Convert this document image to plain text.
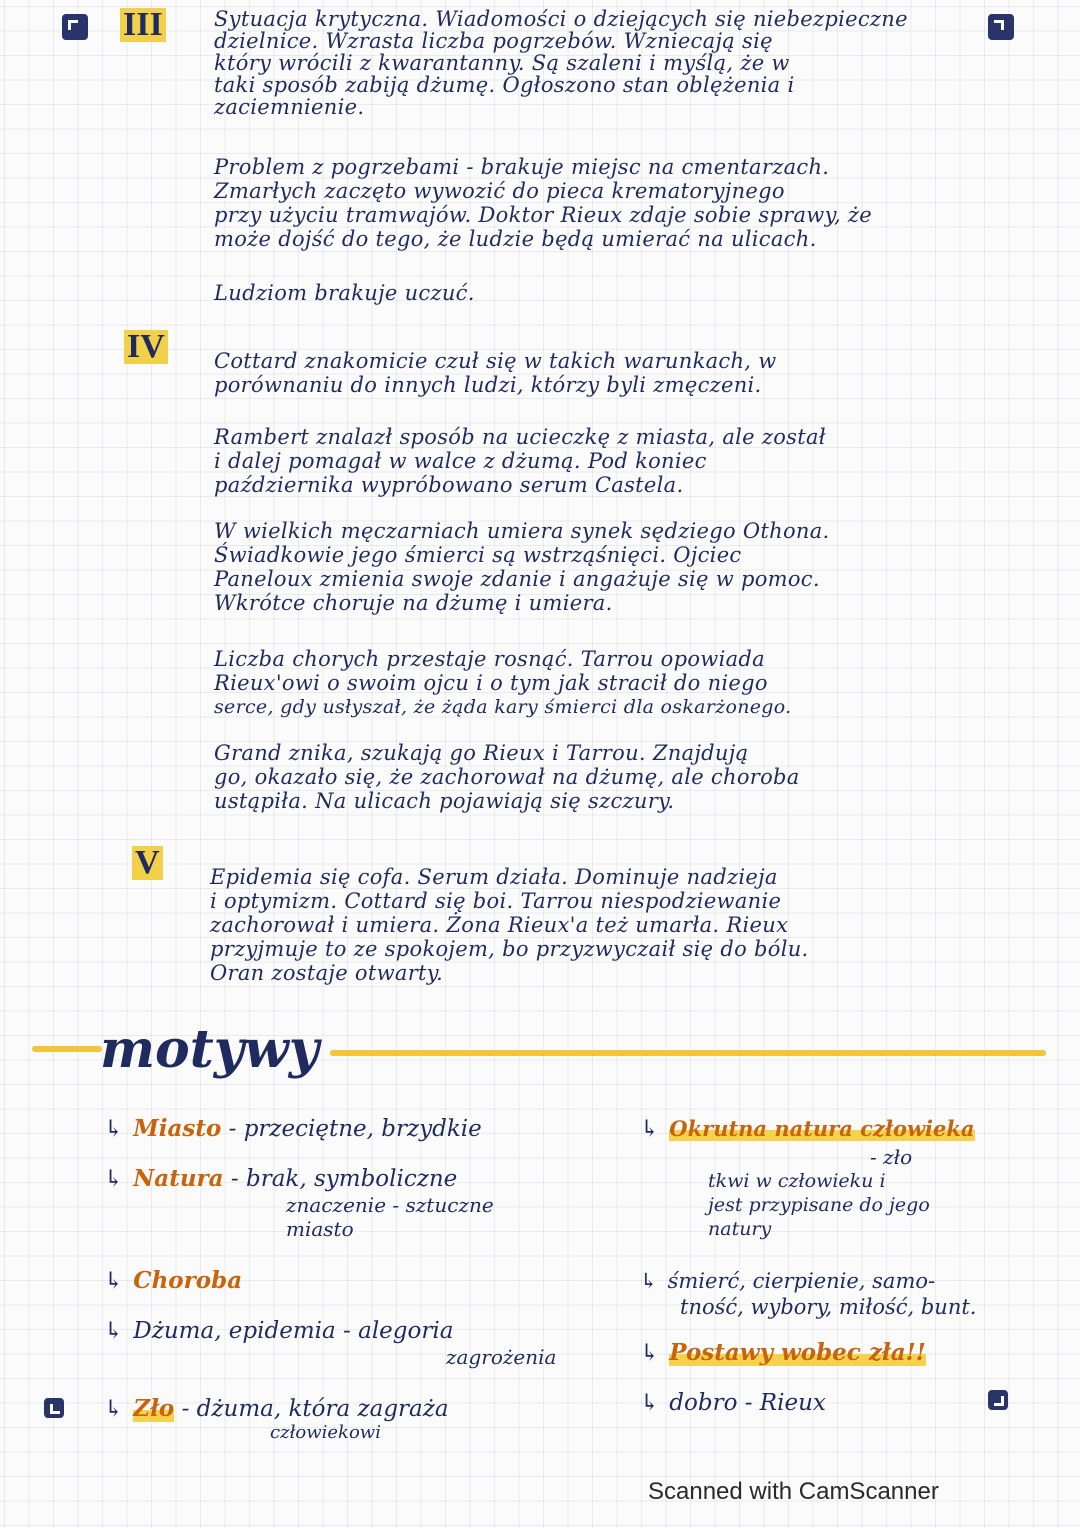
III Sytuacja krytyczna. Wiadomości o dziejących się niebezpieczne
dzielnice. Wzrasta liczba pogrzebów. Wzniecają się
który wrócili z kwarantanny. Są szaleni i myślą, że w
taki sposób zabiją dżumę. Ogłoszono stan oblężenia i
zaciemnienie.
Problem z pogrzebami - brakuje miejsc na cmentarzach.
Zmarłych zaczęto wywozić do pieca krematoryjnego
przy użyciu tramwajów. Doktor Rieux zdaje sobie sprawy, że
może dojść do tego, że ludzie będą umierać na ulicach.
Ludziom brakuje uczuć.
IV Cottard znakomicie czuł się w takich warunkach, w
porównaniu do innych ludzi, którzy byli zmęczeni.
Rambert znalazł sposób na ucieczkę z miasta, ale został
i dalej pomagał w walce z dżumą. Pod koniec
października wypróbowano serum Castela.
W wielkich męczarniach umiera synek sędziego Othona.
Świadkowie jego śmierci są wstrząśnięci. Ojciec
Paneloux zmienia swoje zdanie i angażuje się w pomoc.
Wkrótce choruje na dżumę i umiera.
Liczba chorych przestaje rosnąć. Tarrou opowiada
Rieux'owi o swoim ojcu i o tym jak stracił do niego
serce, gdy usłyszał, że żąda kary śmierci dla oskarżonego.
Grand znika, szukają go Rieux i Tarrou. Znajdują
go, okazało się, że zachorował na dżumę, ale choroba
ustąpiła. Na ulicach pojawiają się szczury.
V Epidemia się cofa. Serum działa. Dominuje nadzieja
i optymizm. Cottard się boi. Tarrou niespodziewanie
zachorował i umiera. Żona Rieux'a też umarła. Rieux
przyjmuje to ze spokojem, bo przyzwyczaił się do bólu.
Oran zostaje otwarty.
motywy
↳ Miasto - przeciętne, brzydkie
↳ Natura - brak, symboliczne
znaczenie - sztuczne
miasto
↳ Choroba
↳ Dżuma, epidemia - alegoria
zagrożenia
↳ Zło - dżuma, która zagraża
człowiekowi
↳ Okrutna natura człowieka
- zło
tkwi w człowieku i
jest przypisane do jego
natury
↳ śmierć, cierpienie, samo-
tność, wybory, miłość, bunt.
↳ Postawy wobec zła!!
↳ dobro - Rieux
Scanned with CamScanner
